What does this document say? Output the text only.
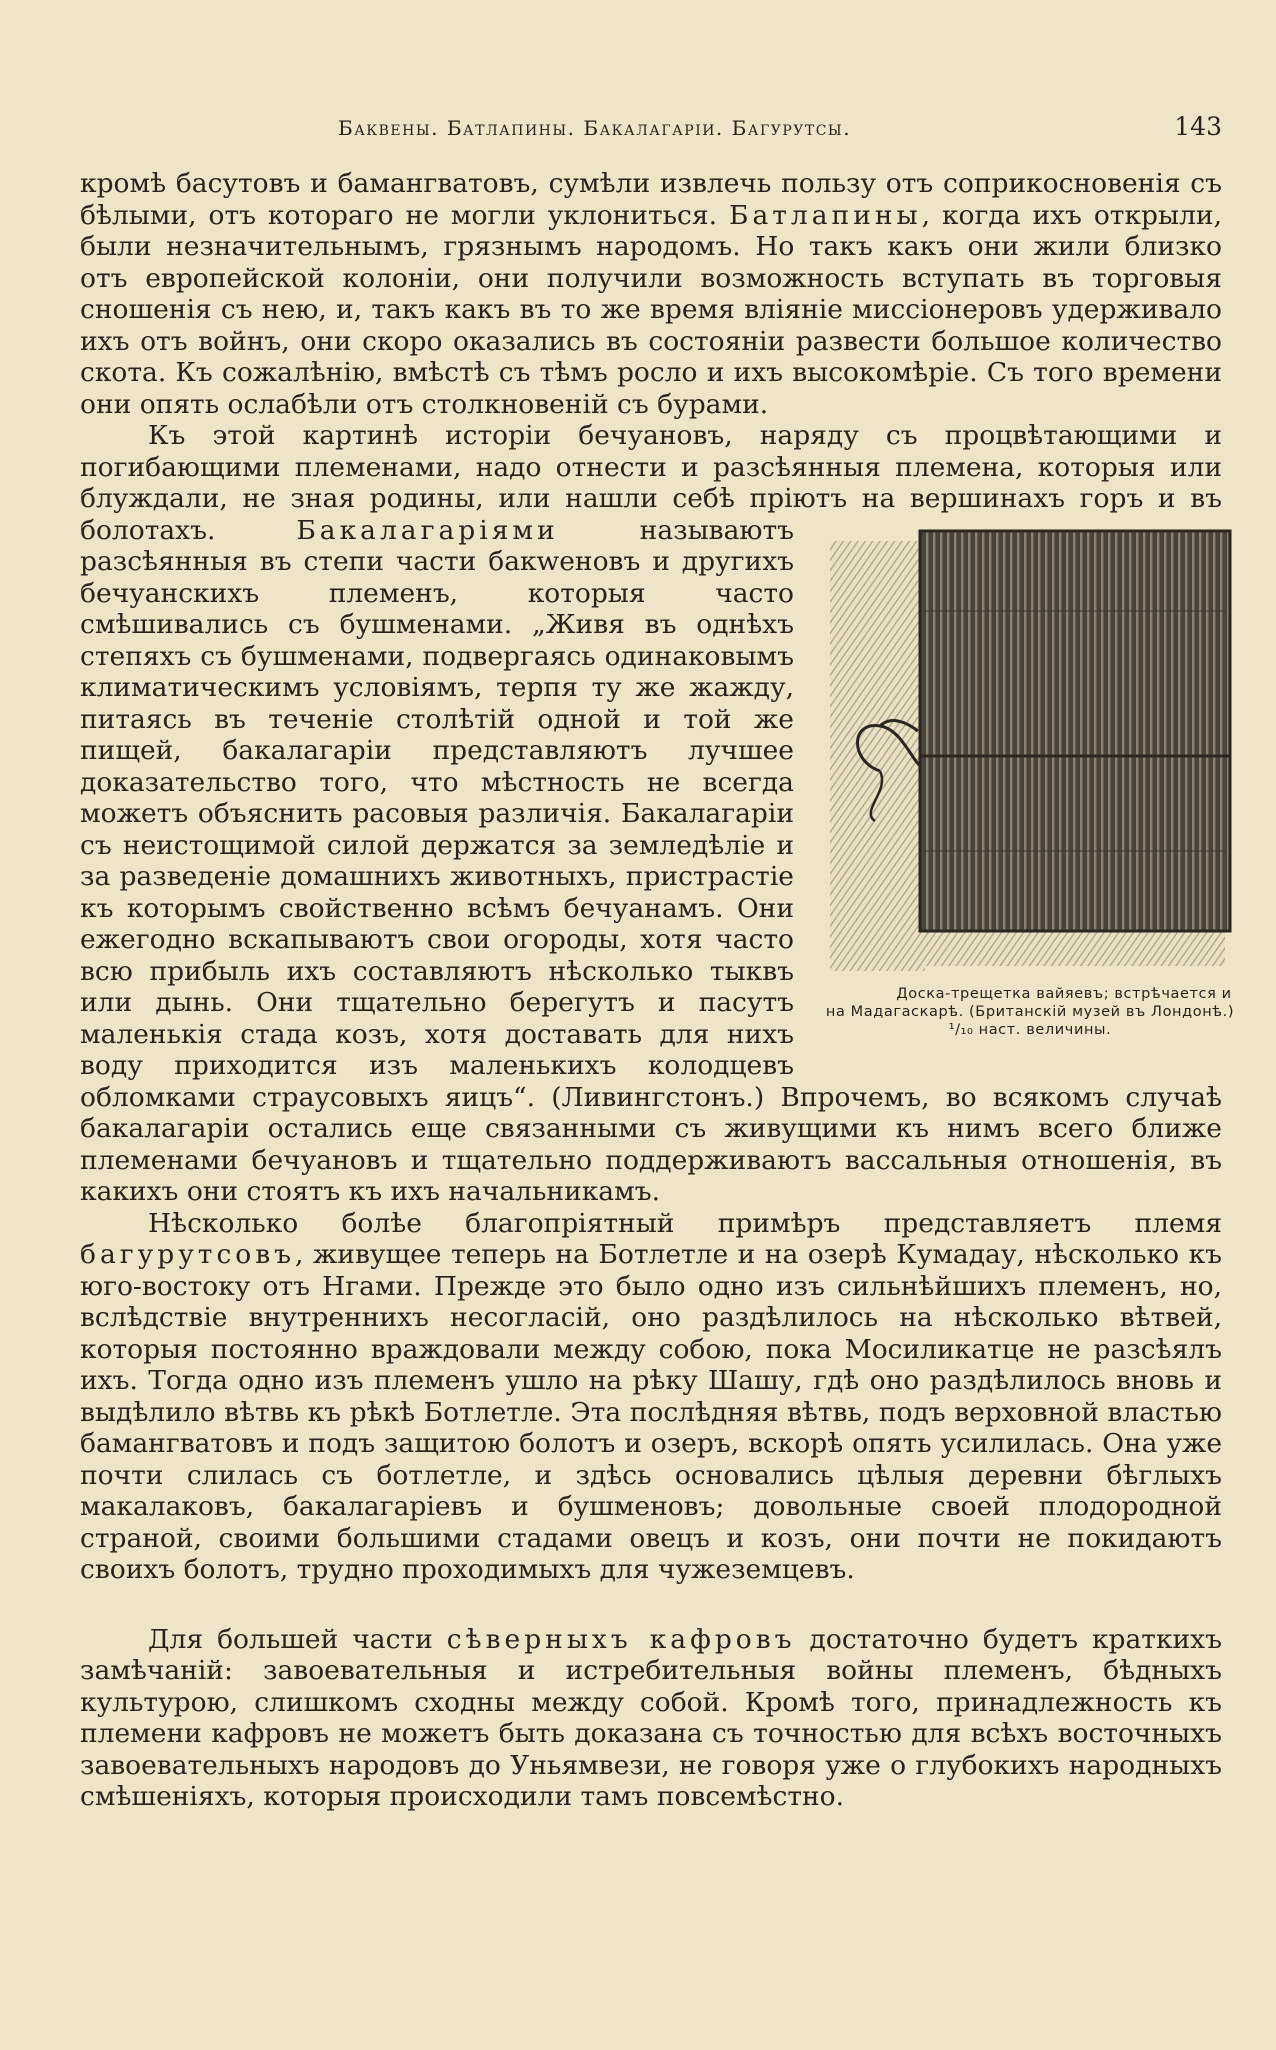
Баквены. Батлапины. Бакалагарiи. Багурутсы.	143

кромѣ басутовъ и бамангватовъ, сумѣли извлечь пользу отъ соприкосновенія съ бѣлыми, отъ котораго не могли уклониться. Батлапины, когда ихъ открыли, были незначительнымъ, грязнымъ народомъ. Но такъ какъ они жили близко отъ европейской колоніи, они получили возможность вступать въ торговыя сношенія съ нею, и, такъ какъ въ то же время вліяніе миссіонеровъ удерживало ихъ отъ войнъ, они скоро оказались въ состояніи развести большое количество скота. Къ сожалѣнію, вмѣстѣ съ тѣмъ росло и ихъ высокомѣріе. Съ того времени они опять ослабѣли отъ столкновеній съ бурами.

Къ этой картинѣ исторіи бечуановъ, наряду съ процвѣтающими и погибающими племенами, надо отнести и разсѣянныя племена, которыя или блуждали, не зная родины, или нашли себѣ пріютъ на вершинахъ горъ и въ болотахъ.	Бакалагаріями
Доска-трещетка вайяевъ; встрѣчается и на Мадагаскарѣ. (Британскій музей въ Лондонѣ.) ¹/₁₀ наст. величины.
называютъ разсѣянныя въ степи части бакweновъ и другихъ бечуанскихъ племенъ, которыя часто смѣшивались съ бушменами. „Живя въ однѣхъ степяхъ съ бушменами, подвергаясь одинаковымъ климатическимъ условіямъ, терпя ту же жажду, питаясь въ теченіе столѣтій одной и той же пищей, бакалагаріи представляютъ лучшее доказательство того, что мѣстность не всегда можетъ объяснить расовыя различія. Бакалагаріи съ неистощимой силой держатся за земледѣліе и за разведеніе домашнихъ животныхъ, пристрастіе къ которымъ свойственно всѣмъ бечуанамъ. Они ежегодно вскапываютъ свои огороды, хотя часто всю прибыль ихъ составляютъ нѣсколько тыквъ или дынь. Они тщательно берегутъ и пасутъ маленькія стада козъ, хотя доставать для нихъ воду приходится изъ маленькихъ колодцевъ обломками страусовыхъ яицъ“. (Ливингстонъ.) Впрочемъ, во всякомъ случаѣ бакалагаріи остались еще связанными съ живущими къ нимъ всего ближе племенами бечуановъ и тщательно поддерживаютъ вассальныя отношенія, въ какихъ они стоятъ къ ихъ начальникамъ.

Нѣсколько болѣе благопріятный примѣръ представляетъ племя багурутсовъ, живущее теперь на Ботлетле и на озерѣ Кумадау, нѣсколько къ юго-востоку отъ Нгами. Прежде это было одно изъ сильнѣйшихъ племенъ, но, вслѣдствіе внутреннихъ несогласій, оно раздѣлилось на нѣсколько вѣтвей, которыя постоянно враждовали между собою, пока Мосиликатце не разсѣялъ ихъ. Тогда одно изъ племенъ ушло на рѣку Шашу, гдѣ оно раздѣлилось вновь и выдѣлило вѣтвь къ рѣкѣ Ботлетле. Эта послѣдняя вѣтвь, подъ верховной властью бамангватовъ и подъ защитою болотъ и озеръ, вскорѣ опять усилилась. Она уже почти слилась съ ботлетле, и здѣсь основались цѣлыя деревни бѣглыхъ макалаковъ, бакалагаріевъ и бушменовъ; довольные своей плодородной страной, своими большими стадами овецъ и козъ, они почти не покидаютъ своихъ болотъ, трудно проходимыхъ для чужеземцевъ.

Для большей части сѣверныхъ кафровъ достаточно будетъ краткихъ замѣчаній: завоевательныя и истребительныя войны племенъ, бѣдныхъ культурою, слишкомъ сходны между собой. Кромѣ того, принадлежность къ племени кафровъ не можетъ быть доказана съ точностью для всѣхъ восточныхъ завоевательныхъ народовъ до Уньямвези, не говоря уже о глубокихъ народныхъ смѣшеніяхъ, которыя происходили тамъ повсемѣстно.
